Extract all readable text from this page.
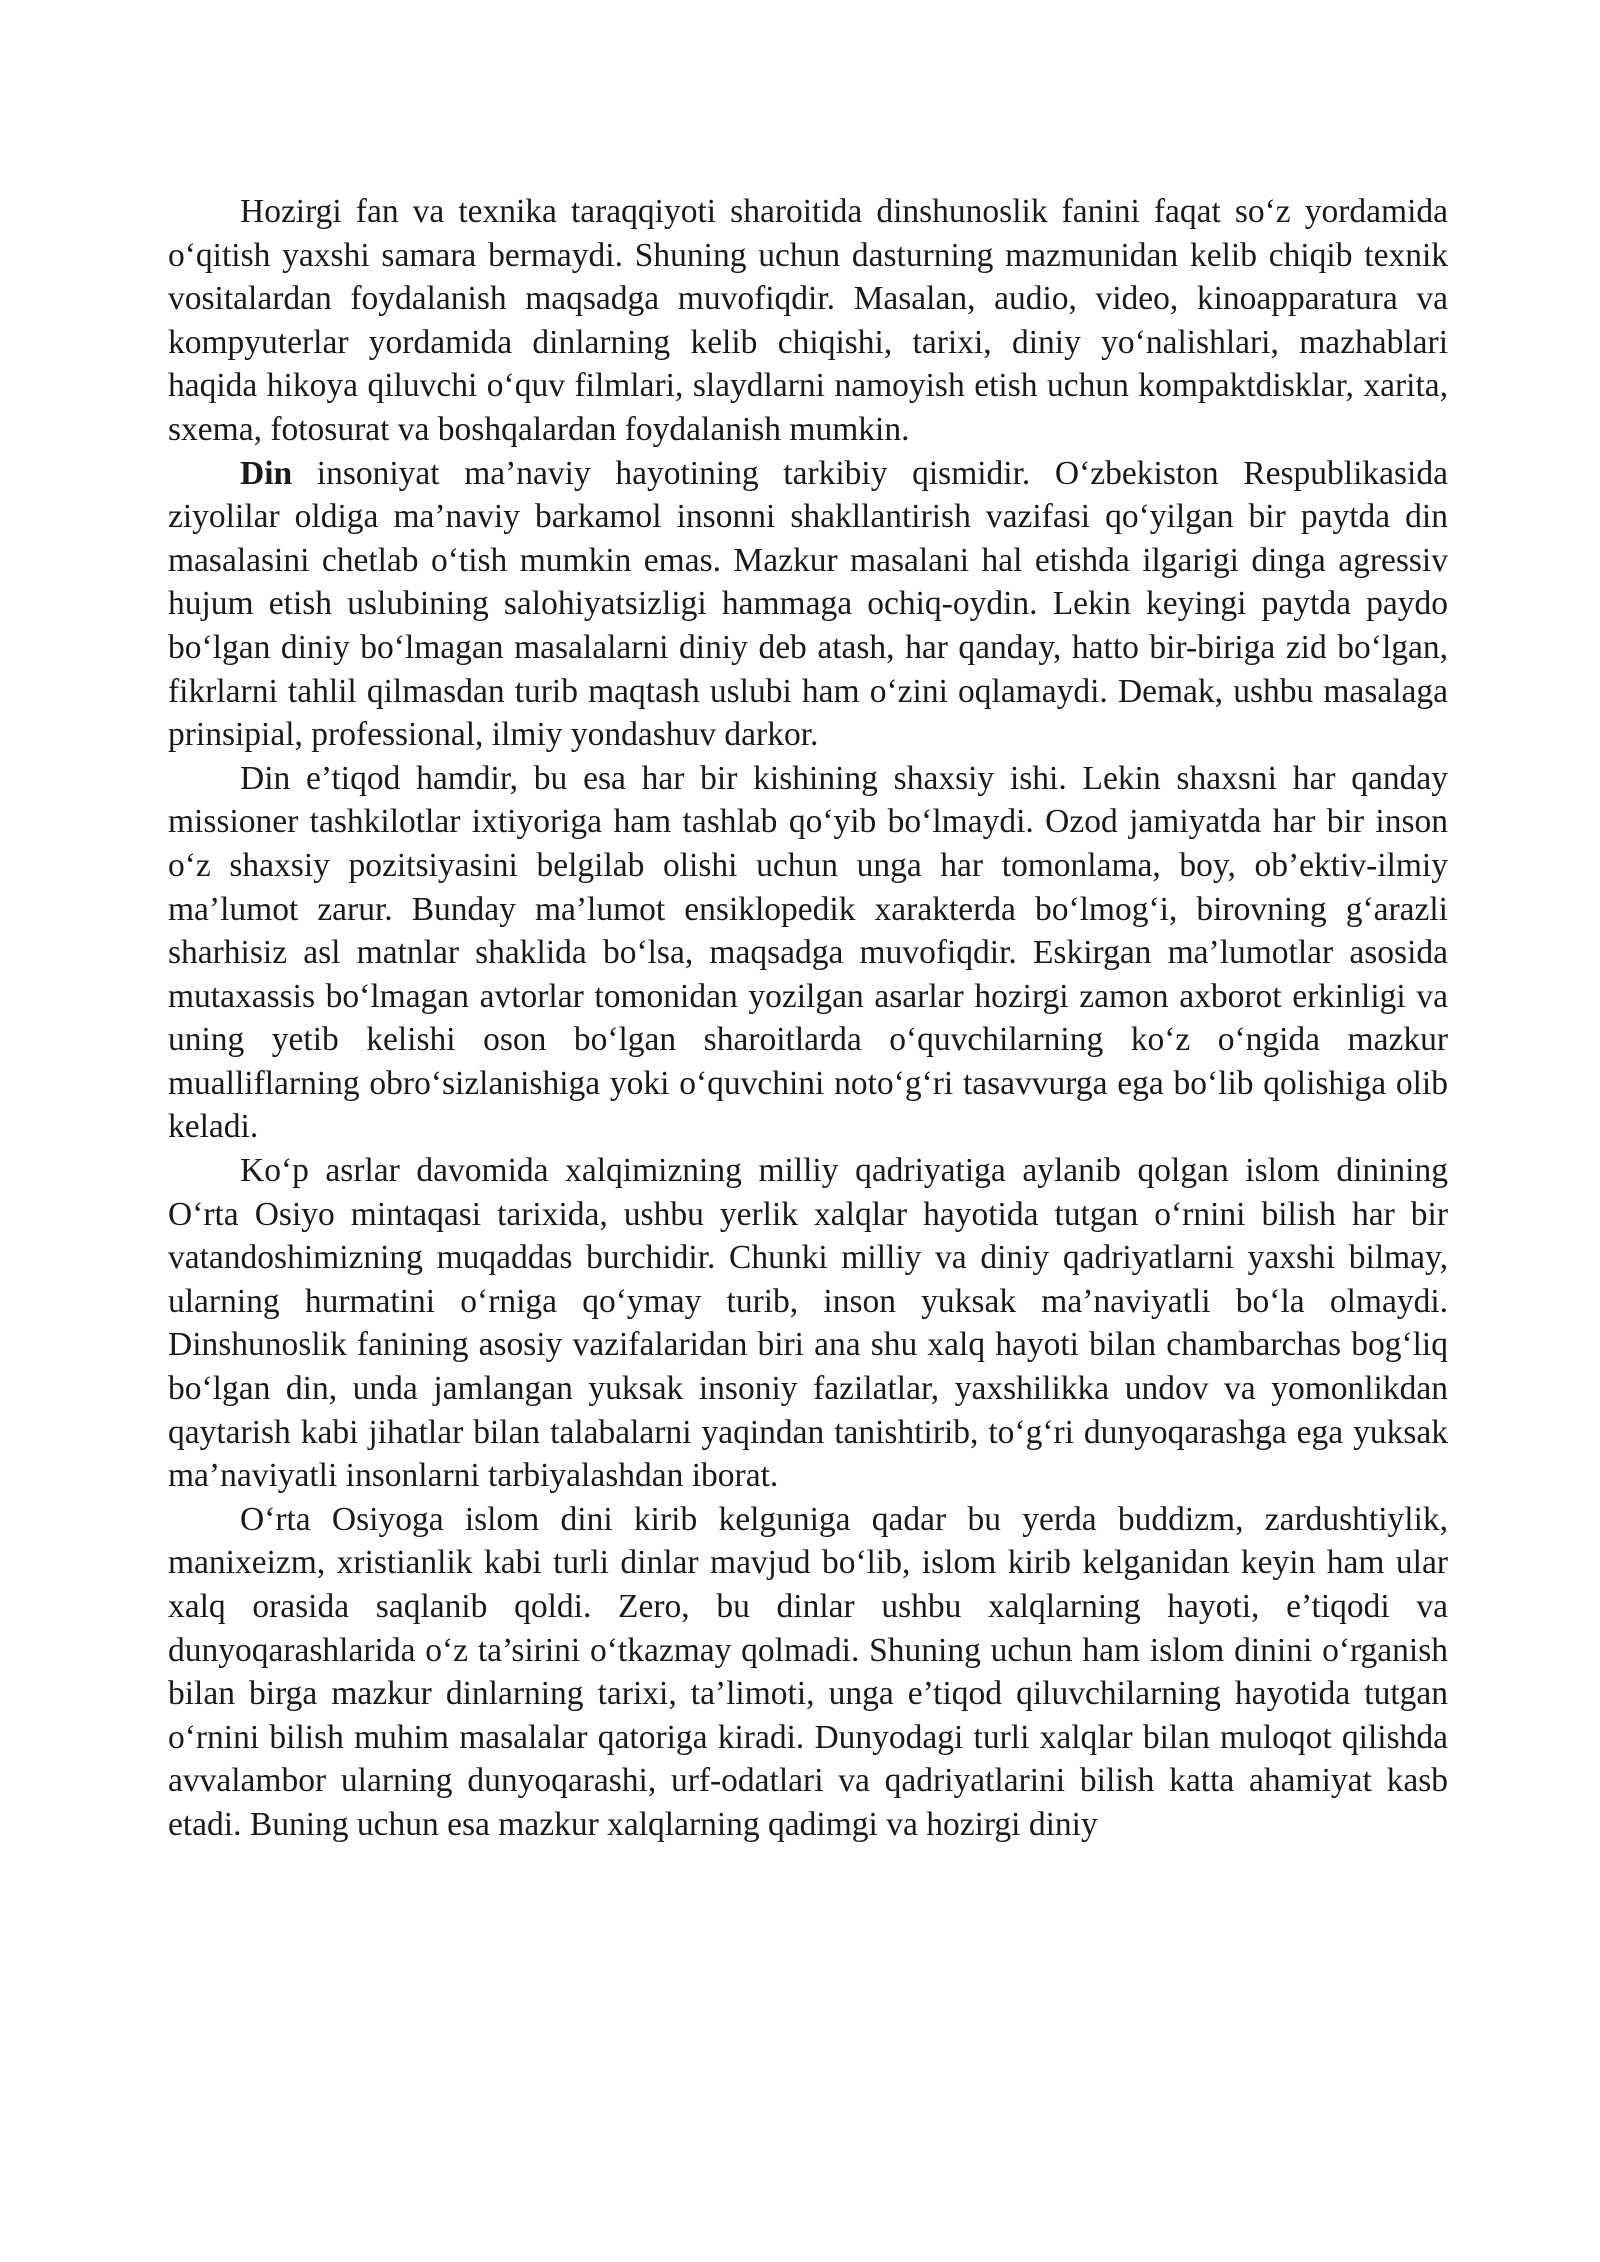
Hozirgi fan va texnika taraqqiyoti sharoitida dinshunoslik fanini faqat so‘z yordamida o‘qitish yaxshi samara bermaydi. Shuning uchun dasturning mazmunidan kelib chiqib texnik vositalardan foydalanish maqsadga muvofiqdir. Masalan, audio, video, kinoapparatura va kompyuterlar yordamida dinlarning kelib chiqishi, tarixi, diniy yo‘nalishlari, mazhablari haqida hikoya qiluvchi o‘quv filmlari, slaydlarni namoyish etish uchun kompaktdisklar, xarita, sxema, fotosurat va boshqalardan foydalanish mumkin.

Din insoniyat ma’naviy hayotining tarkibiy qismidir. O‘zbekiston Respublikasida ziyolilar oldiga ma’naviy barkamol insonni shakllantirish vazifasi qo‘yilgan bir paytda din masalasini chetlab o‘tish mumkin emas. Mazkur masalani hal etishda ilgarigi dinga agressiv hujum etish uslubining salohiyatsizligi hammaga ochiq-oydin. Lekin keyingi paytda paydo bo‘lgan diniy bo‘lmagan masalalarni diniy deb atash, har qanday, hatto bir-biriga zid bo‘lgan, fikrlarni tahlil qilmasdan turib maqtash uslubi ham o‘zini oqlamaydi. Demak, ushbu masalaga prinsipial, professional, ilmiy yondashuv darkor.

Din e’tiqod hamdir, bu esa har bir kishining shaxsiy ishi. Lekin shaxsni har qanday missioner tashkilotlar ixtiyoriga ham tashlab qo‘yib bo‘lmaydi. Ozod jamiyatda har bir inson o‘z shaxsiy pozitsiyasini belgilab olishi uchun unga har tomonlama, boy, ob’ektiv-ilmiy ma’lumot zarur. Bunday ma’lumot ensiklopedik xarakterda bo‘lmog‘i, birovning g‘arazli sharhisiz asl matnlar shaklida bo‘lsa, maqsadga muvofiqdir. Eskirgan ma’lumotlar asosida mutaxassis bo‘lmagan avtorlar tomonidan yozilgan asarlar hozirgi zamon axborot erkinligi va uning yetib kelishi oson bo‘lgan sharoitlarda o‘quvchilarning ko‘z o‘ngida mazkur mualliflarning obro‘sizlanishiga yoki o‘quvchini noto‘g‘ri tasavvurga ega bo‘lib qolishiga olib keladi.

Ko‘p asrlar davomida xalqimizning milliy qadriyatiga aylanib qolgan islom dinining O‘rta Osiyo mintaqasi tarixida, ushbu yerlik xalqlar hayotida tutgan o‘rnini bilish har bir vatandoshimizning muqaddas burchidir. Chunki milliy va diniy qadriyatlarni yaxshi bilmay, ularning hurmatini o‘rniga qo‘ymay turib, inson yuksak ma’naviyatli bo‘la olmaydi. Dinshunoslik fanining asosiy vazifalaridan biri ana shu xalq hayoti bilan chambarchas bog‘liq bo‘lgan din, unda jamlangan yuksak insoniy fazilatlar, yaxshilikka undov va yomonlikdan qaytarish kabi jihatlar bilan talabalarni yaqindan tanishtirib, to‘g‘ri dunyoqarashga ega yuksak ma’naviyatli insonlarni tarbiyalashdan iborat.

O‘rta Osiyoga islom dini kirib kelguniga qadar bu yerda buddizm, zardushtiylik, manixeizm, xristianlik kabi turli dinlar mavjud bo‘lib, islom kirib kelganidan keyin ham ular xalq orasida saqlanib qoldi. Zero, bu dinlar ushbu xalqlarning hayoti, e’tiqodi va dunyoqarashlarida o‘z ta’sirini o‘tkazmay qolmadi. Shuning uchun ham islom dinini o‘rganish bilan birga mazkur dinlarning tarixi, ta’limoti, unga e’tiqod qiluvchilarning hayotida tutgan o‘rnini bilish muhim masalalar qatoriga kiradi. Dunyodagi turli xalqlar bilan muloqot qilishda avvalambor ularning dunyoqarashi, urf-odatlari va qadriyatlarini bilish katta ahamiyat kasb etadi. Buning uchun esa mazkur xalqlarning qadimgi va hozirgi diniy
